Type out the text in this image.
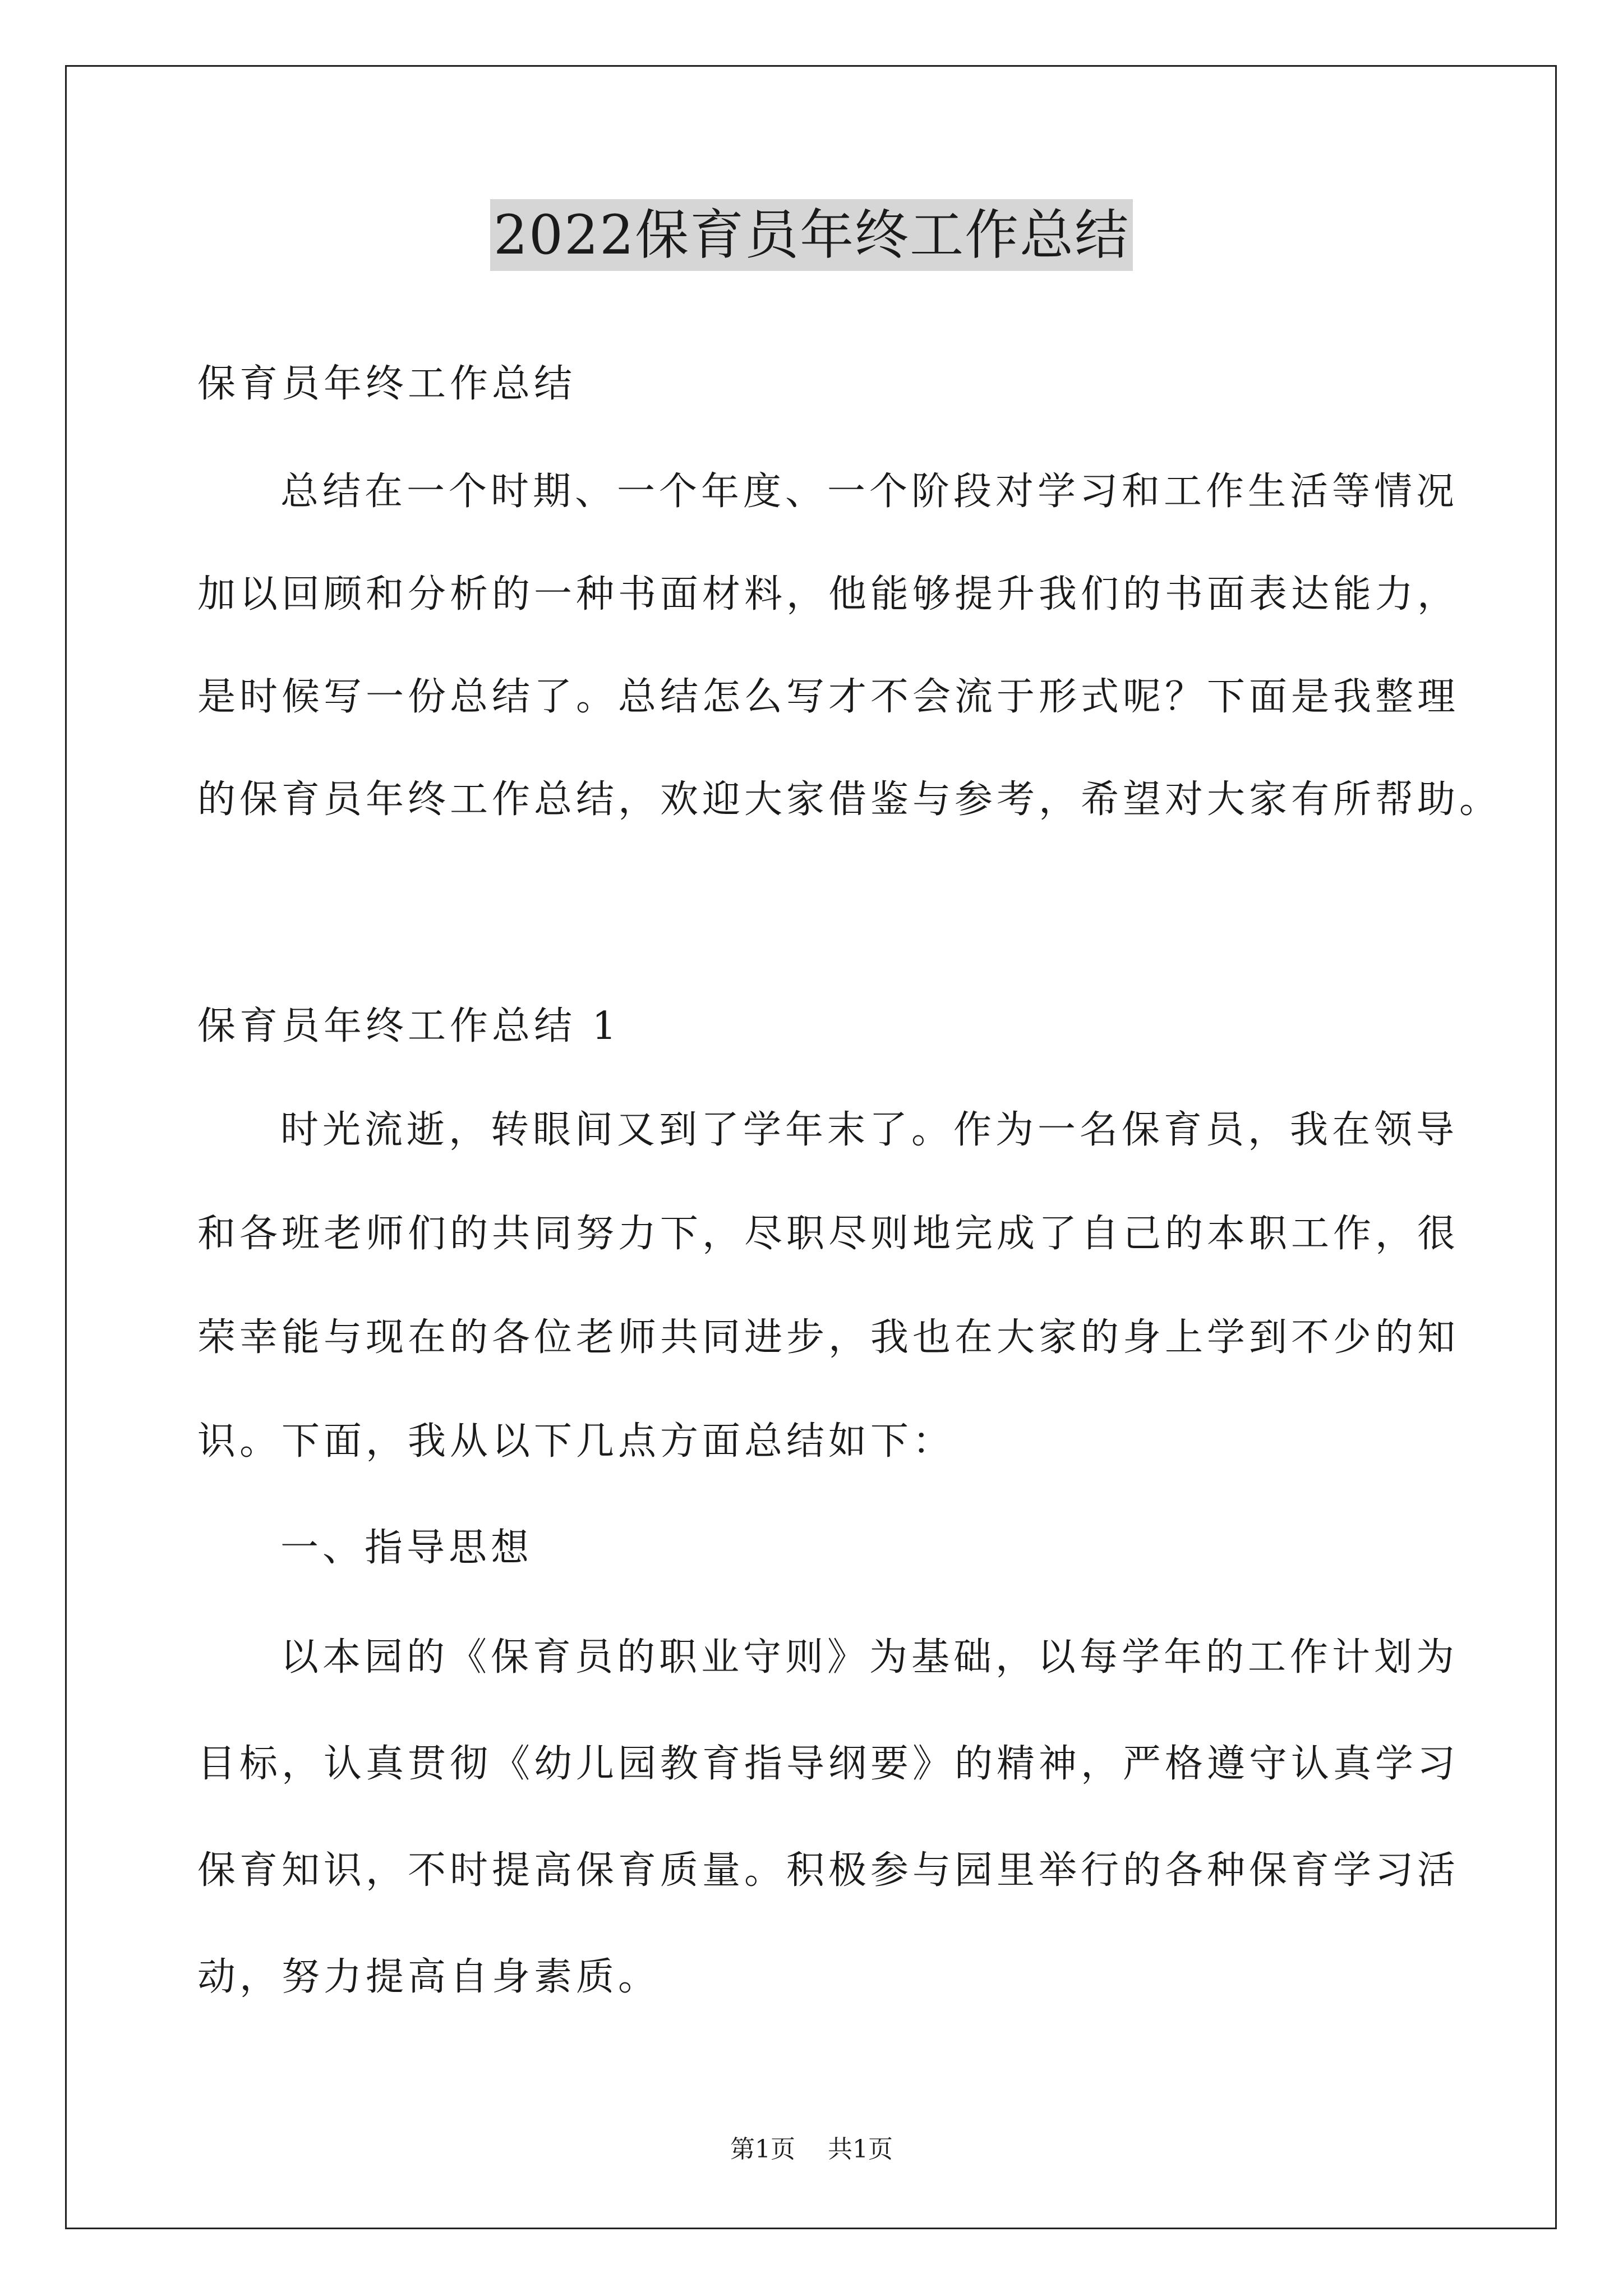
2022保育员年终工作总结

保育员年终工作总结

总结在一个时期、一个年度、一个阶段对学习和工作生活等情况

加以回顾和分析的一种书面材料，他能够提升我们的书面表达能力，

是时候写一份总结了。总结怎么写才不会流于形式呢？下面是我整理

的保育员年终工作总结，欢迎大家借鉴与参考，希望对大家有所帮助。

保育员年终工作总结 1

时光流逝，转眼间又到了学年末了。作为一名保育员，我在领导

和各班老师们的共同努力下，尽职尽则地完成了自己的本职工作，很

荣幸能与现在的各位老师共同进步，我也在大家的身上学到不少的知

识。下面，我从以下几点方面总结如下：

一、指导思想

以本园的《保育员的职业守则》为基础，以每学年的工作计划为

目标，认真贯彻《幼儿园教育指导纲要》的精神，严格遵守认真学习

保育知识，不时提高保育质量。积极参与园里举行的各种保育学习活

动，努力提高自身素质。

第1页 共1页
